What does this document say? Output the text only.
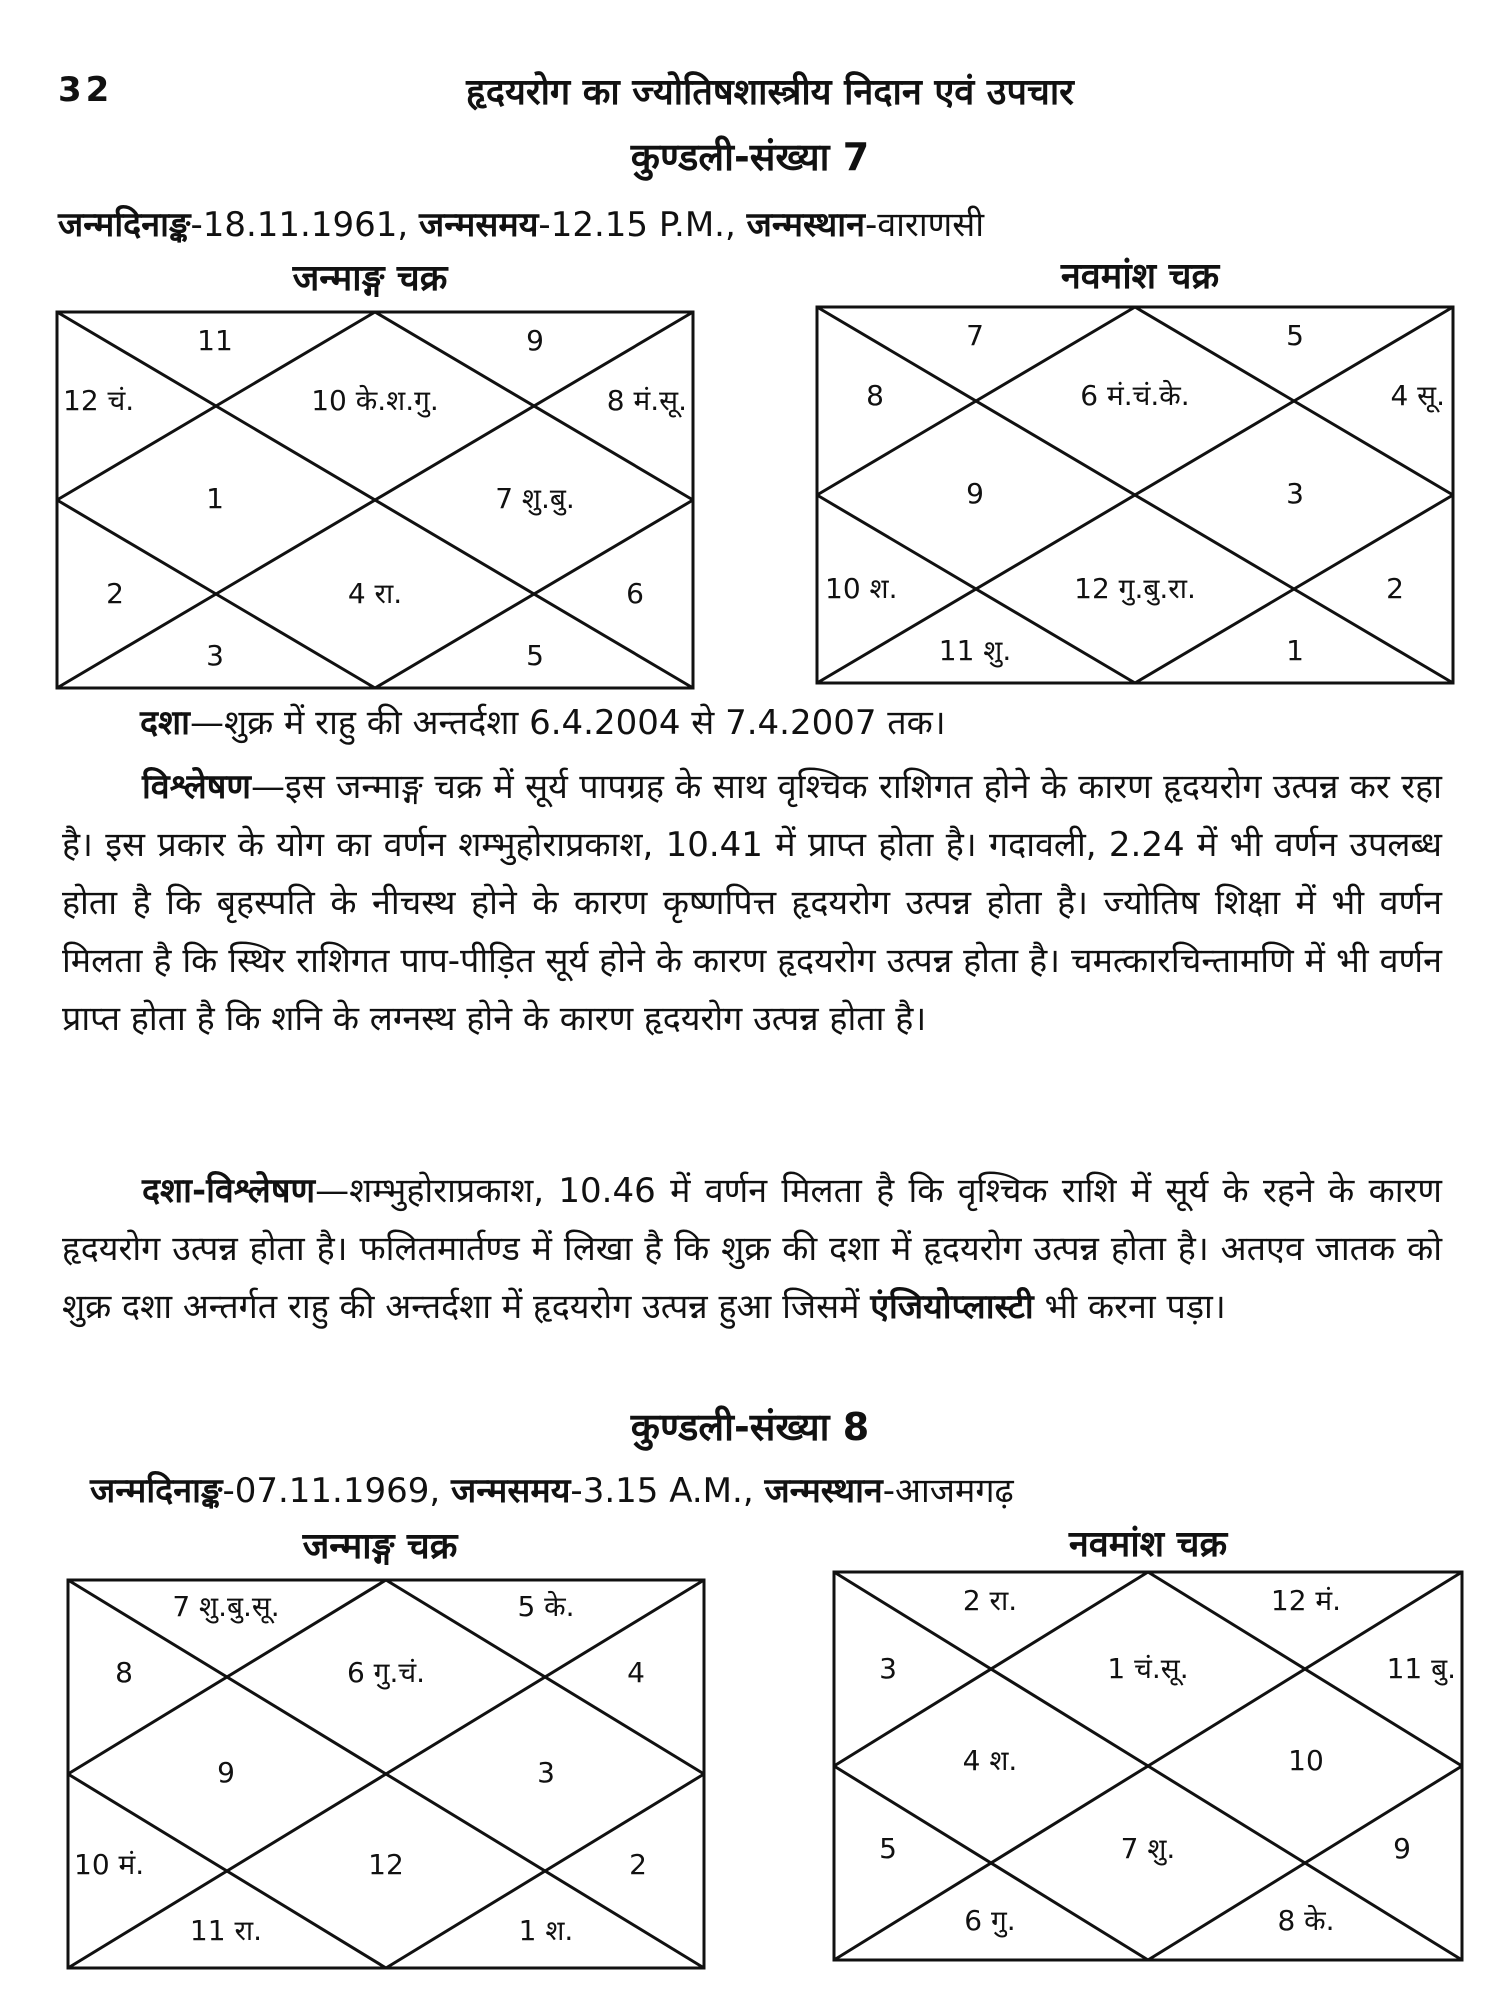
32	हृदयरोग का ज्योतिषशास्त्रीय निदान एवं उपचार
कुण्डली-संख्या 7
जन्मदिनाङ्क-18.11.1961, जन्मसमय-12.15 P.M., जन्मस्थान-वाराणसी
जन्माङ्ग चक्र	नवमांश चक्र
11	9
12 चं.	10 के.श.गु.	8 मं.सू.
1	7 शु.बु.
2	4 रा.	6
3	5
7	5
8	6 मं.चं.के.	4 सू.
9	3
10 श.	12 गु.बु.रा.	2
11 शु.	1
दशा—शुक्र में राहु की अन्तर्दशा 6.4.2004 से 7.4.2007 तक।
विश्लेषण—इस जन्माङ्ग चक्र में सूर्य पापग्रह के साथ वृश्चिक राशिगत होने के कारण हृदयरोग उत्पन्न कर रहा है। इस प्रकार के योग का वर्णन शम्भुहोराप्रकाश, 10.41 में प्राप्त होता है। गदावली, 2.24 में भी वर्णन उपलब्ध होता है कि बृहस्पति के नीचस्थ होने के कारण कृष्णपित्त हृदयरोग उत्पन्न होता है। ज्योतिष शिक्षा में भी वर्णन मिलता है कि स्थिर राशिगत पाप-पीड़ित सूर्य होने के कारण हृदयरोग उत्पन्न होता है। चमत्कारचिन्तामणि में भी वर्णन प्राप्त होता है कि शनि के लग्नस्थ होने के कारण हृदयरोग उत्पन्न होता है।
दशा-विश्लेषण—शम्भुहोराप्रकाश, 10.46 में वर्णन मिलता है कि वृश्चिक राशि में सूर्य के रहने के कारण हृदयरोग उत्पन्न होता है। फलितमार्तण्ड में लिखा है कि शुक्र की दशा में हृदयरोग उत्पन्न होता है। अतएव जातक को शुक्र दशा अन्तर्गत राहु की अन्तर्दशा में हृदयरोग उत्पन्न हुआ जिसमें एंजियोप्लास्टी भी करना पड़ा।
कुण्डली-संख्या 8
जन्मदिनाङ्क-07.11.1969, जन्मसमय-3.15 A.M., जन्मस्थान-आजमगढ़
जन्माङ्ग चक्र	नवमांश चक्र
7 शु.बु.सू.	5 के.
8	6 गु.चं.	4
9	3
10 मं.	12	2
11 रा.	1 श.
2 रा.	12 मं.
3	1 चं.सू.	11 बु.
4 श.	10
5	7 शु.	9
6 गु.	8 के.
